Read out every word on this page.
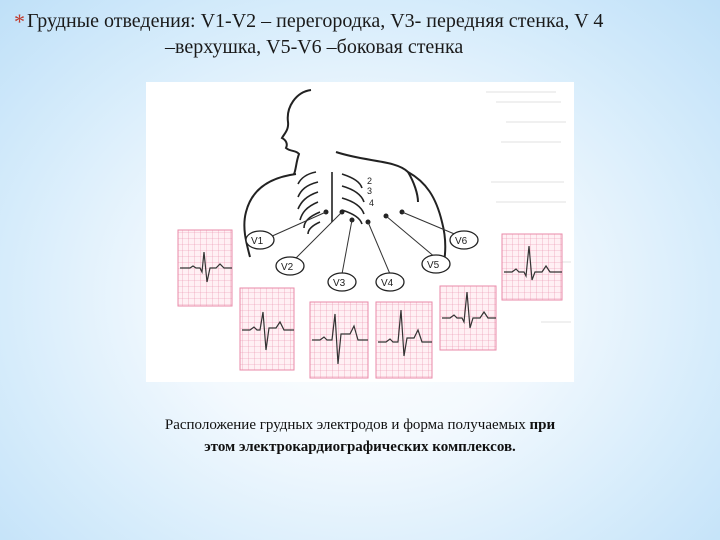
* Грудные отведения: V1-V2 – перегородка, V3- передняя стенка, V 4
–верхушка, V5-V6 –боковая стенка
2
3
4
V1
V2
V3	V4
V5
V6
Расположение грудных электродов и форма получаемых при
этом электрокардиографических комплексов.
